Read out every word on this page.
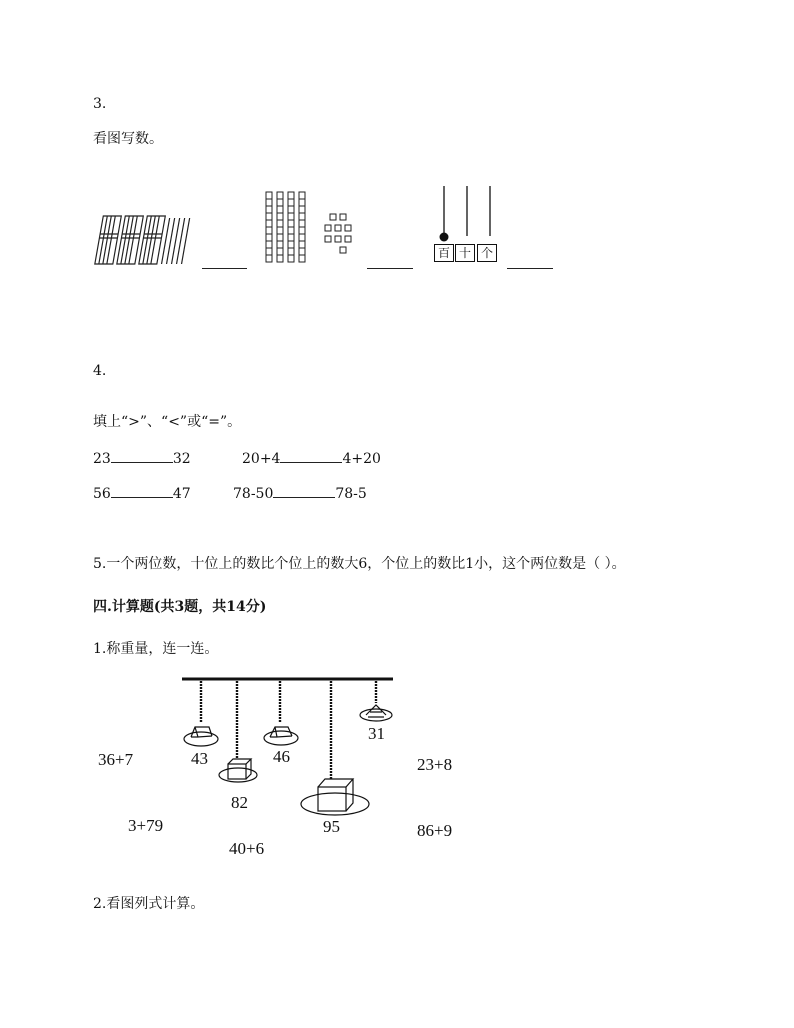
3.
看图写数。
百 十 个
4.
填上“>”、“<”或“=”。
23	32	20+4	4+20
56	47	78-50	78-5
5.一个两位数，十位上的数比个位上的数大6，个位上的数比1小，这个两位数是（ ）。
四.计算题(共3题，共14分)
1.称重量，连一连。
43	46
31
82
95
36+7	23+8
3+79	86+9
40+6
2.看图列式计算。
